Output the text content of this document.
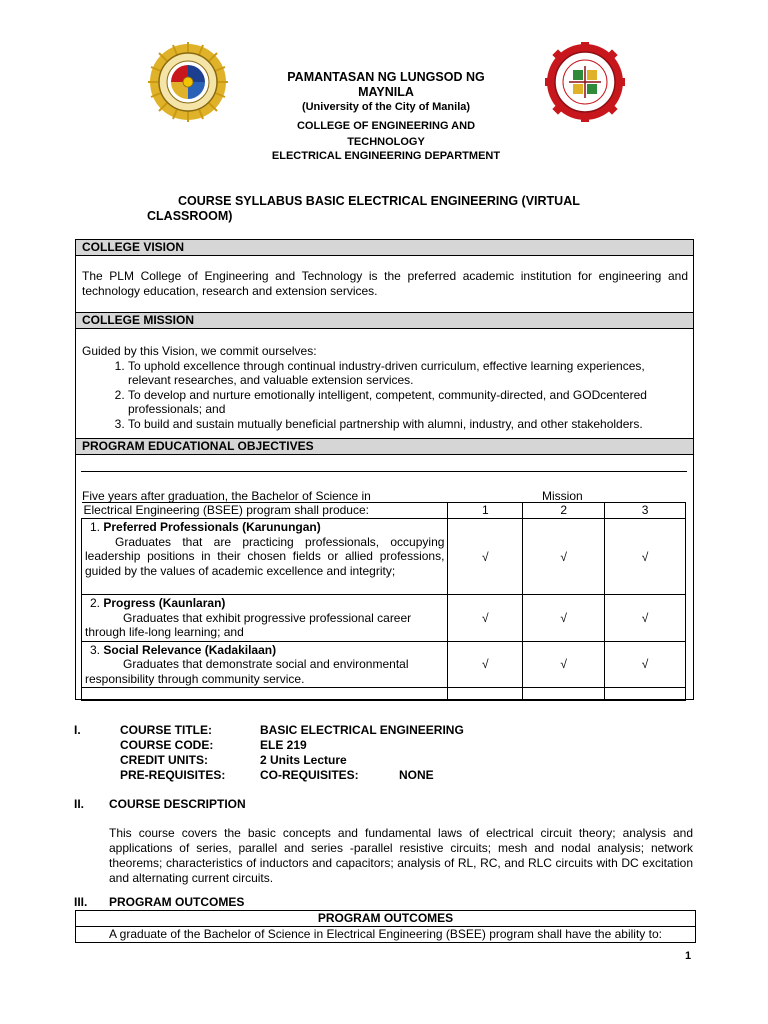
PAMANTASAN NG LUNGSOD NG
MAYNILA
(University of the City of Manila)
COLLEGE OF ENGINEERING AND
TECHNOLOGY
ELECTRICAL ENGINEERING DEPARTMENT
COURSE SYLLABUS BASIC ELECTRICAL ENGINEERING (VIRTUAL
CLASSROOM)
COLLEGE VISION
The PLM College of Engineering and Technology is the preferred academic institution for engineering and technology education, research and extension services.
COLLEGE MISSION
Guided by this Vision, we commit ourselves:
1. To uphold excellence through continual industry-driven curriculum, effective learning experiences, relevant researches, and valuable extension services.
2. To develop and nurture emotionally intelligent, competent, community-directed, and GODcentered professionals; and
3. To build and sustain mutually beneficial partnership with alumni, industry, and other stakeholders.
PROGRAM EDUCATIONAL OBJECTIVES
Five years after graduation, the Bachelor of Science in	Mission
Electrical Engineering (BSEE) program shall produce:	1	2	3

1. Preferred Professionals (Karunungan)
Graduates that are practicing professionals, occupying leadership positions in their chosen fields or allied professions, guided by the values of academic excellence and integrity;	√	√	√

2. Progress (Kaunlaran)
Graduates that exhibit progressive professional career through life-long learning; and	√	√	√

3. Social Relevance (Kadakilaan)
Graduates that demonstrate social and environmental responsibility through community service.	√	√	√

I.	COURSE TITLE:	BASIC ELECTRICAL ENGINEERING
COURSE CODE:	ELE 219
CREDIT UNITS:	2 Units Lecture
PRE-REQUISITES:	CO-REQUISITES:	NONE
II. COURSE DESCRIPTION
This course covers the basic concepts and fundamental laws of electrical circuit theory; analysis and applications of series, parallel and series -parallel resistive circuits; mesh and nodal analysis; network theorems; characteristics of inductors and capacitors; analysis of RL, RC, and RLC circuits with DC excitation and alternating current circuits.
III. PROGRAM OUTCOMES
PROGRAM OUTCOMES
A graduate of the Bachelor of Science in Electrical Engineering (BSEE) program shall have the ability to:
1
